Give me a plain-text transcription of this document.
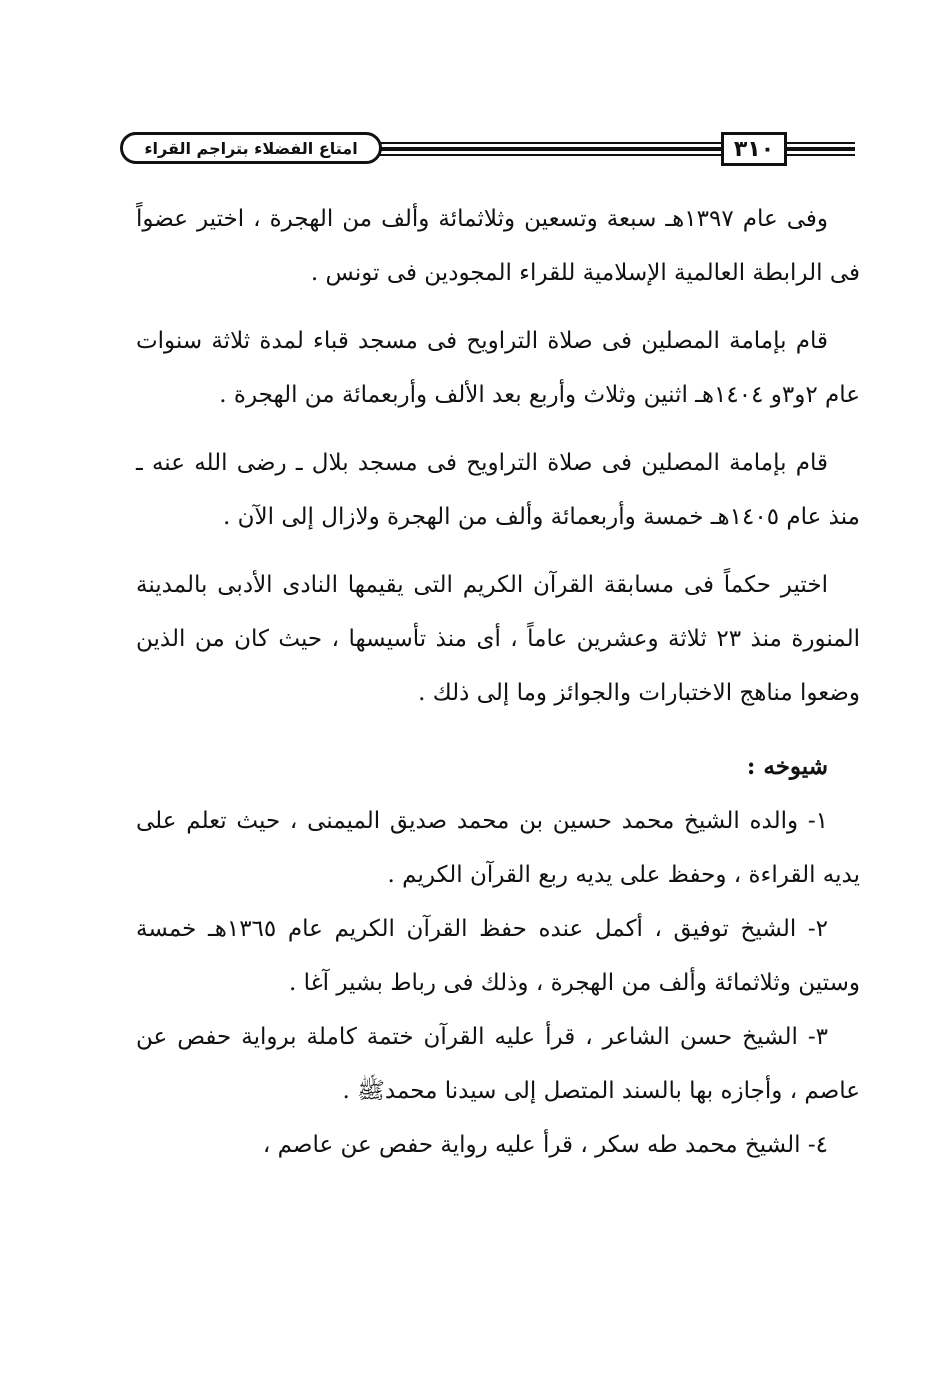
امتاع الفضلاء بتراجم القراء	٣١٠

وفى عام ١٣٩٧هـ سبعة وتسعين وثلاثمائة وألف من الهجرة ، اختير عضواً فى الرابطة العالمية الإسلامية للقراء المجودين فى تونس .

قام بإمامة المصلين فى صلاة التراويح فى مسجد قباء لمدة ثلاثة سنوات عام ٢و٣و ١٤٠٤هـ اثنين وثلاث وأربع بعد الألف وأربعمائة من الهجرة .

قام بإمامة المصلين فى صلاة التراويح فى مسجد بلال ـ رضى الله عنه ـ منذ عام ١٤٠٥هـ خمسة وأربعمائة وألف من الهجرة ولازال إلى الآن .

اختير حكماً فى مسابقة القرآن الكريم التى يقيمها النادى الأدبى بالمدينة المنورة منذ ٢٣ ثلاثة وعشرين عاماً ، أى منذ تأسيسها ، حيث كان من الذين وضعوا مناهج الاختبارات والجوائز وما إلى ذلك .

شيوخه :
١- والده الشيخ محمد حسين بن محمد صديق الميمنى ، حيث تعلم على يديه القراءة ، وحفظ على يديه ربع القرآن الكريم .
٢- الشيخ توفيق ، أكمل عنده حفظ القرآن الكريم عام ١٣٦٥هـ خمسة وستين وثلاثمائة وألف من الهجرة ، وذلك فى رباط بشير آغا .
٣- الشيخ حسن الشاعر ، قرأ عليه القرآن ختمة كاملة برواية حفص عن عاصم ، وأجازه بها بالسند المتصل إلى سيدنا محمدﷺ .
٤- الشيخ محمد طه سكر ، قرأ عليه رواية حفص عن عاصم ،
